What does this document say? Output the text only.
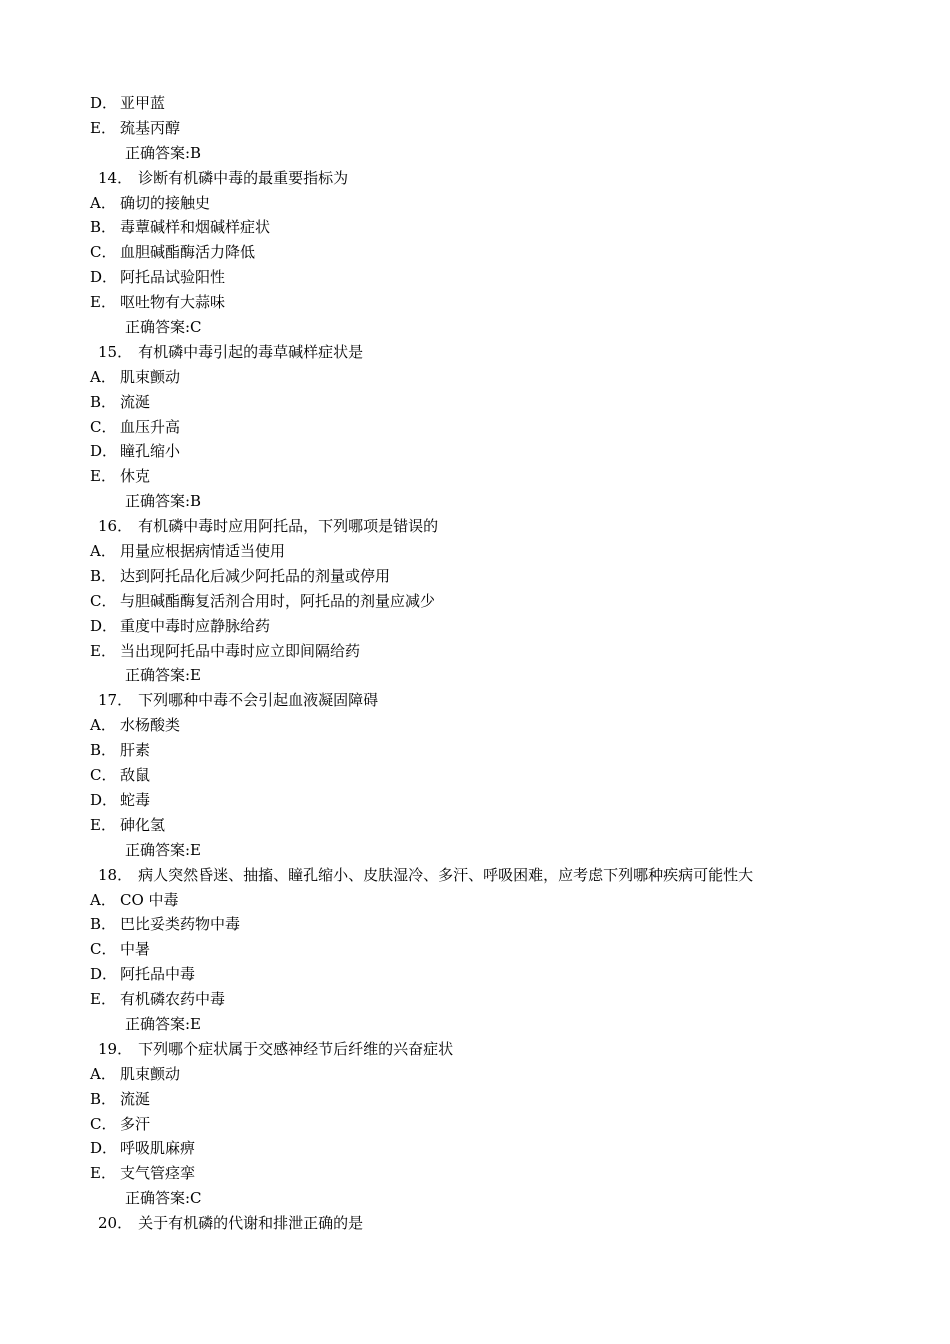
D． 亚甲蓝
E． 巯基丙醇
正确答案:B
14． 诊断有机磷中毒的最重要指标为
A． 确切的接触史
B． 毒蕈碱样和烟碱样症状
C． 血胆碱酯酶活力降低
D． 阿托品试验阳性
E． 呕吐物有大蒜味
正确答案:C
15． 有机磷中毒引起的毒草碱样症状是
A． 肌束颤动
B． 流涎
C． 血压升高
D． 瞳孔缩小
E． 休克
正确答案:B
16． 有机磷中毒时应用阿托品，下列哪项是错误的
A． 用量应根据病情适当使用
B． 达到阿托品化后减少阿托品的剂量或停用
C． 与胆碱酯酶复活剂合用时，阿托品的剂量应减少
D． 重度中毒时应静脉给药
E． 当出现阿托品中毒时应立即间隔给药
正确答案:E
17． 下列哪种中毒不会引起血液凝固障碍
A． 水杨酸类
B． 肝素
C． 敌鼠
D． 蛇毒
E． 砷化氢
正确答案:E
18． 病人突然昏迷、抽搐、瞳孔缩小、皮肤湿冷、多汗、呼吸困难，应考虑下列哪种疾病可能性大
A． CO 中毒
B． 巴比妥类药物中毒
C． 中暑
D． 阿托品中毒
E． 有机磷农药中毒
正确答案:E
19． 下列哪个症状属于交感神经节后纤维的兴奋症状
A． 肌束颤动
B． 流涎
C． 多汗
D． 呼吸肌麻痹
E． 支气管痉挛
正确答案:C
20． 关于有机磷的代谢和排泄正确的是
